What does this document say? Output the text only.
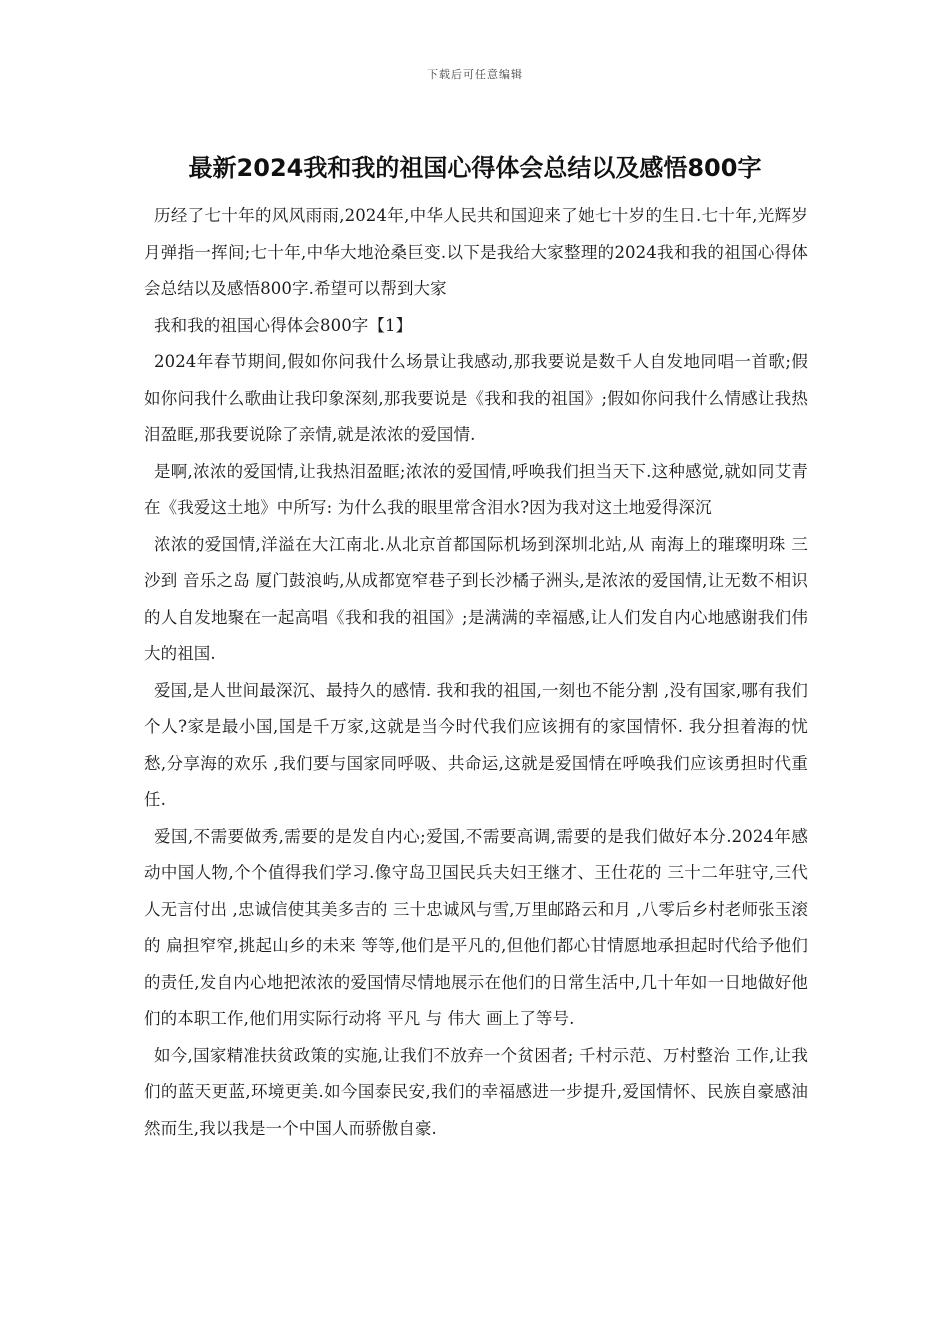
下载后可任意编辑
最新2024我和我的祖国心得体会总结以及感悟800字

历经了七十年的风风雨雨,2024年,中华人民共和国迎来了她七十岁的生日.七十年,光辉岁月弹指一挥间;七十年,中华大地沧桑巨变.以下是我给大家整理的2024我和我的祖国心得体会总结以及感悟800字.希望可以帮到大家

我和我的祖国心得体会800字【1】

2024年春节期间,假如你问我什么场景让我感动,那我要说是数千人自发地同唱一首歌;假如你问我什么歌曲让我印象深刻,那我要说是《我和我的祖国》;假如你问我什么情感让我热泪盈眶,那我要说除了亲情,就是浓浓的爱国情.

是啊,浓浓的爱国情,让我热泪盈眶;浓浓的爱国情,呼唤我们担当天下.这种感觉,就如同艾青在《我爱这土地》中所写: 为什么我的眼里常含泪水?因为我对这土地爱得深沉

浓浓的爱国情,洋溢在大江南北.从北京首都国际机场到深圳北站,从 南海上的璀璨明珠 三沙到 音乐之岛 厦门鼓浪屿,从成都宽窄巷子到长沙橘子洲头,是浓浓的爱国情,让无数不相识的人自发地聚在一起高唱《我和我的祖国》;是满满的幸福感,让人们发自内心地感谢我们伟大的祖国.

爱国,是人世间最深沉、最持久的感情. 我和我的祖国,一刻也不能分割 ,没有国家,哪有我们个人?家是最小国,国是千万家,这就是当今时代我们应该拥有的家国情怀. 我分担着海的忧愁,分享海的欢乐 ,我们要与国家同呼吸、共命运,这就是爱国情在呼唤我们应该勇担时代重任.

爱国,不需要做秀,需要的是发自内心;爱国,不需要高调,需要的是我们做好本分.2024年感动中国人物,个个值得我们学习.像守岛卫国民兵夫妇王继才、王仕花的 三十二年驻守,三代人无言付出 ,忠诚信使其美多吉的 三十忠诚风与雪,万里邮路云和月 ,八零后乡村老师张玉滚的 扁担窄窄,挑起山乡的未来 等等,他们是平凡的,但他们都心甘情愿地承担起时代给予他们的责任,发自内心地把浓浓的爱国情尽情地展示在他们的日常生活中,几十年如一日地做好他们的本职工作,他们用实际行动将 平凡 与 伟大 画上了等号.

如今,国家精准扶贫政策的实施,让我们不放弃一个贫困者; 千村示范、万村整治 工作,让我们的蓝天更蓝,环境更美.如今国泰民安,我们的幸福感进一步提升,爱国情怀、民族自豪感油然而生,我以我是一个中国人而骄傲自豪.
